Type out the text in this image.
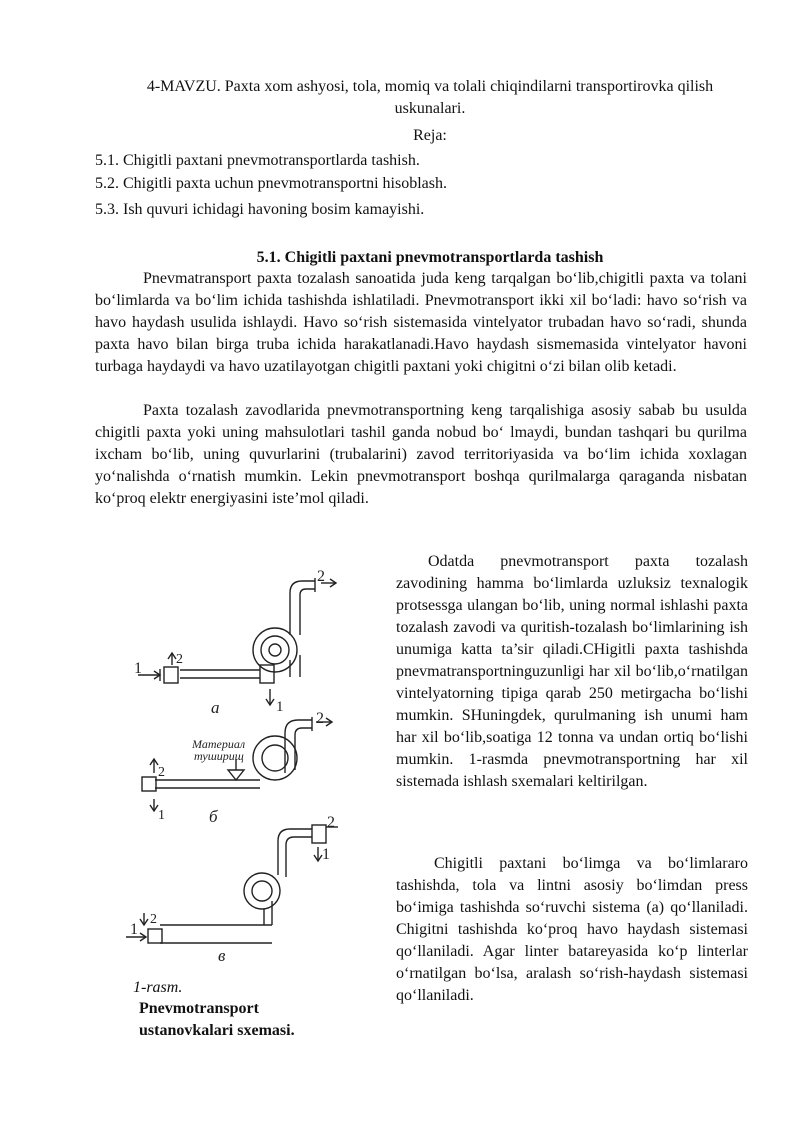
4-MAVZU. Paxta xom ashyosi, tola, momiq va tolali chiqindilarni transportirovka qilish
uskunalari.
Reja:
5.1. Chigitli paxtani pnevmotransportlarda tashish.
5.2. Chigitli paxta uchun pnevmotransportni hisoblash.
5.3. Ish quvuri ichidagi havoning bosim kamayishi.
5.1. Chigitli paxtani pnevmotransportlarda tashish
Pnevmatransport paxta tozalash sanoatida juda keng tarqalgan bo‘lib,chigitli paxta va tolani bo‘limlarda va bo‘lim ichida tashishda ishlatiladi. Pnevmotransport ikki xil bo‘ladi: havo so‘rish va havo haydash usulida ishlaydi. Havo so‘rish sistemasida vintelyator trubadan havo so‘radi, shunda paxta havo bilan birga truba ichida harakatlanadi.Havo haydash sismemasida vintelyator havoni turbaga haydaydi va havo uzatilayotgan chigitli paxtani yoki chigitni o‘zi bilan olib ketadi.
Paxta tozalash zavodlarida pnevmotransportning keng tarqalishiga asosiy sabab bu usulda chigitli paxta yoki uning mahsulotlari tashil ganda nobud bo‘ lmaydi, bundan tashqari bu qurilma ixcham bo‘lib, uning quvurlarini (trubalarini) zavod territoriyasida va bo‘lim ichida xoxlagan yo‘nalishda o‘rnatish mumkin. Lekin pnevmotransport boshqa qurilmalarga qaraganda nisbatan ko‘proq elektr energiyasini iste’mol qiladi.
Odatda pnevmotransport paxta tozalash zavodining hamma bo‘limlarda uzluksiz texnalogik protsessga ulangan bo‘lib, uning normal ishlashi paxta tozalash zavodi va quritish-tozalash bo‘limlarining ish unumiga katta ta’sir qiladi.CHigitli paxta tashishda pnevmatransportninguzunligi har xil bo‘lib,o‘rnatilgan vintelyatorning tipiga qarab 250 metirgacha bo‘lishi mumkin. SHuningdek, qurulmaning ish unumi ham har xil bo‘lib,soatiga 12 tonna va undan ortiq bo‘lishi mumkin. 1-rasmda pnevmotransportning har xil sistemada ishlash sxemalari keltirilgan.
Chigitli paxtani bo‘limga va bo‘limlararo tashishda, tola va lintni asosiy bo‘limdan press bo‘imiga tashishda so‘ruvchi sistema (a) qo‘llaniladi. Chigitni tashishda ko‘proq havo haydash sistemasi qo‘llaniladi. Agar linter batareyasida ko‘p linterlar o‘rnatilgan bo‘lsa, aralash so‘rish-haydash sistemasi qo‘llaniladi.
2
1
2
а	1
2
Материал
туширищ
2
1	б	2
1
1
2
в
1-rasm.
Pnevmotransport
ustanovkalari sxemasi.
